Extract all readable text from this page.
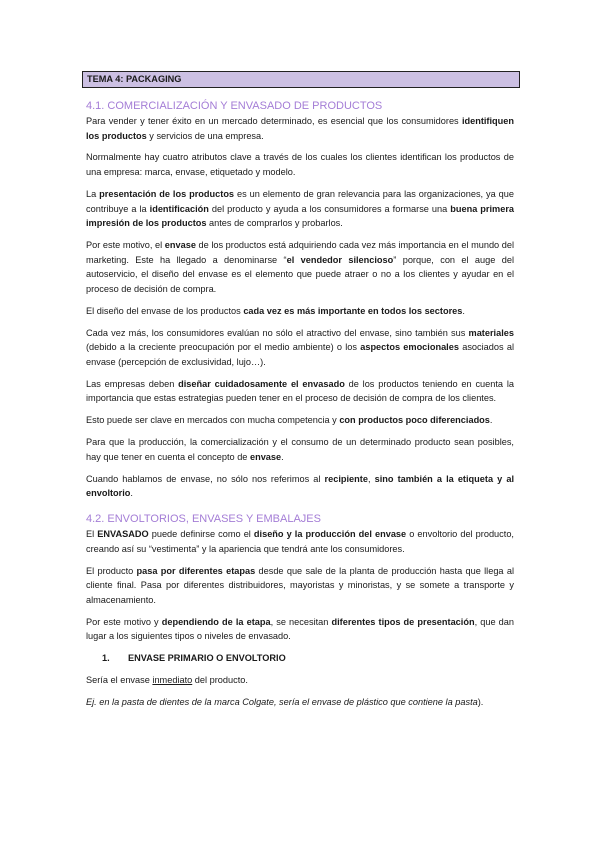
TEMA 4: PACKAGING
4.1. COMERCIALIZACIÓN Y ENVASADO DE PRODUCTOS

Para vender y tener éxito en un mercado determinado, es esencial que los consumidores identifiquen los productos y servicios de una empresa.

Normalmente hay cuatro atributos clave a través de los cuales los clientes identifican los productos de una empresa: marca, envase, etiquetado y modelo.

La presentación de los productos es un elemento de gran relevancia para las organizaciones, ya que contribuye a la identificación del producto y ayuda a los consumidores a formarse una buena primera impresión de los productos antes de comprarlos y probarlos.

Por este motivo, el envase de los productos está adquiriendo cada vez más importancia en el mundo del marketing. Este ha llegado a denominarse “el vendedor silencioso” porque, con el auge del autoservicio, el diseño del envase es el elemento que puede atraer o no a los clientes y ayudar en el proceso de decisión de compra.

El diseño del envase de los productos cada vez es más importante en todos los sectores.

Cada vez más, los consumidores evalúan no sólo el atractivo del envase, sino también sus materiales (debido a la creciente preocupación por el medio ambiente) o los aspectos emocionales asociados al envase (percepción de exclusividad, lujo…).

Las empresas deben diseñar cuidadosamente el envasado de los productos teniendo en cuenta la importancia que estas estrategias pueden tener en el proceso de decisión de compra de los clientes.

Esto puede ser clave en mercados con mucha competencia y con productos poco diferenciados.

Para que la producción, la comercialización y el consumo de un determinado producto sean posibles, hay que tener en cuenta el concepto de envase.

Cuando hablamos de envase, no sólo nos referimos al recipiente, sino también a la etiqueta y al envoltorio.

4.2. ENVOLTORIOS, ENVASES Y EMBALAJES

El ENVASADO puede definirse como el diseño y la producción del envase o envoltorio del producto, creando así su “vestimenta” y la apariencia que tendrá ante los consumidores.

El producto pasa por diferentes etapas desde que sale de la planta de producción hasta que llega al cliente final. Pasa por diferentes distribuidores, mayoristas y minoristas, y se somete a transporte y almacenamiento.

Por este motivo y dependiendo de la etapa, se necesitan diferentes tipos de presentación, que dan lugar a los siguientes tipos o niveles de envasado.

1. ENVASE PRIMARIO O ENVOLTORIO

Sería el envase inmediato del producto.

Ej. en la pasta de dientes de la marca Colgate, sería el envase de plástico que contiene la pasta).
